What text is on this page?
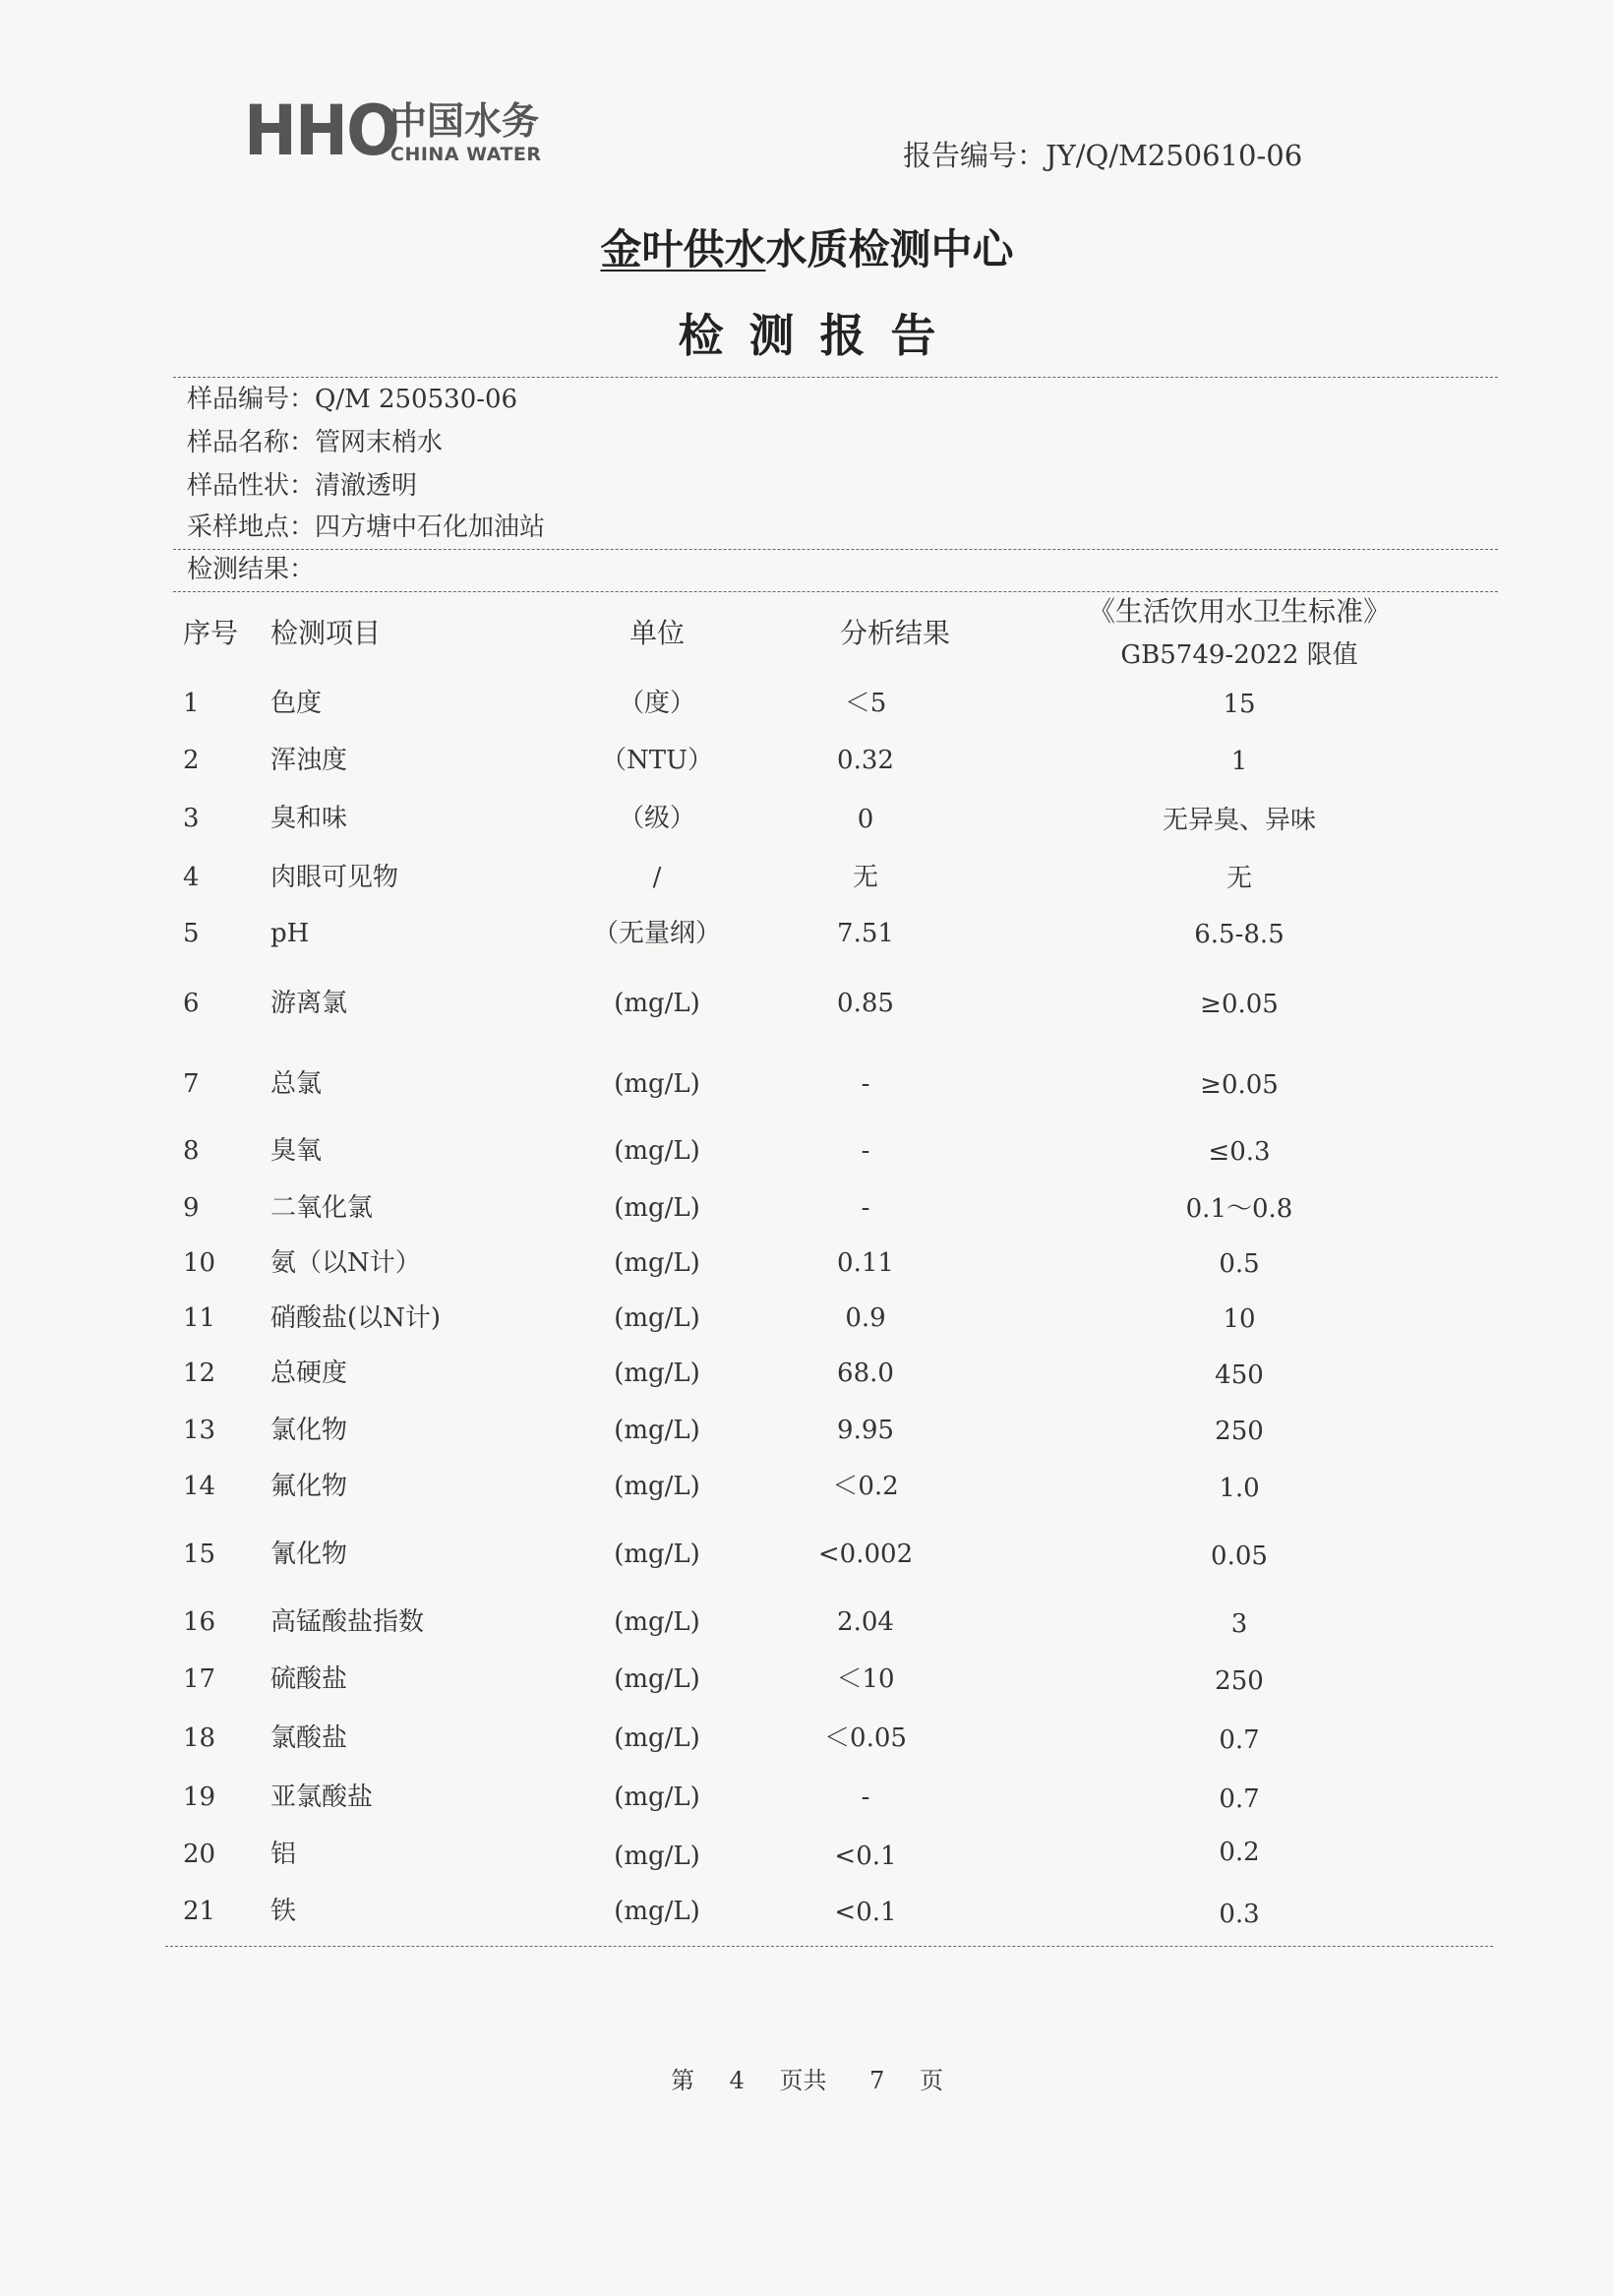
HHO
中国水务
CHINA WATER	报告编号：JY/Q/M250610-06
金叶供水水质检测中心
检测报告
样品编号：Q/M 250530-06
样品名称：管网末梢水
样品性状：清澈透明
采样地点：四方塘中石化加油站
检测结果：
序号 检测项目	单位	分析结果
《生活饮用水卫生标准》
GB5749-2022 限值
1	色度	（度）	＜5	15
2	浑浊度	（NTU）	0.32	1
3	臭和味	（级）	0	无异臭、异味
4	肉眼可见物	/	无	无
5	pH	（无量纲）	7.51	6.5-8.5
6	游离氯	(mg/L)	0.85	≥0.05
7	总氯	(mg/L)	-	≥0.05
8	臭氧	(mg/L)	-	≤0.3
9	二氧化氯	(mg/L)	-	0.1～0.8
10 氨（以N计）	(mg/L)	0.11	0.5
11 硝酸盐(以N计)	(mg/L)	0.9	10
12 总硬度	(mg/L)	68.0	450
13 氯化物	(mg/L)	9.95	250
14 氟化物	(mg/L)	＜0.2	1.0
15 氰化物	(mg/L)	<0.002	0.05
16 高锰酸盐指数	(mg/L)	2.04	3
17 硫酸盐	(mg/L)	＜10	250
18 氯酸盐	(mg/L)	＜0.05	0.7
19 亚氯酸盐	(mg/L)	-	0.7
20 铝	(mg/L)	<0.1	0.2
21 铁	(mg/L)	<0.1	0.3
第 4 页共 7 页
